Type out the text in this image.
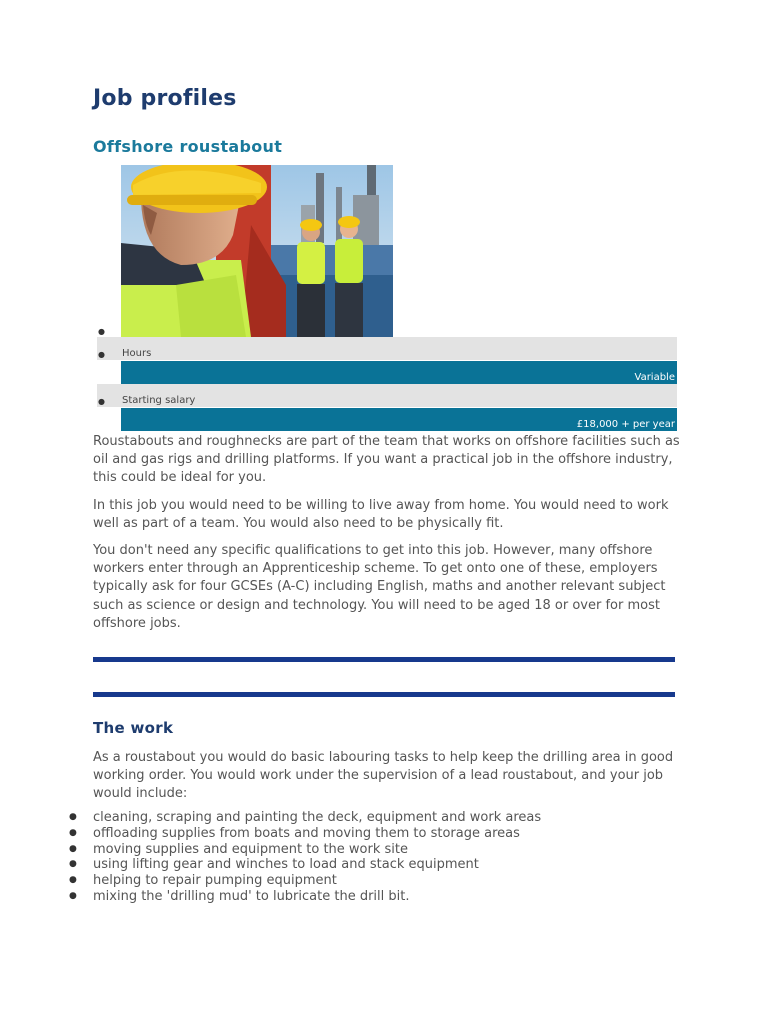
Job profiles
Offshore roustabout
●
Hours
●
Variable
Starting salary
●
£18,000 + per year

Roustabouts and roughnecks are part of the team that works on offshore facilities such as oil and gas rigs and drilling platforms. If you want a practical job in the offshore industry, this could be ideal for you.

In this job you would need to be willing to live away from home. You would need to work well as part of a team. You would also need to be physically fit.

You don't need any specific qualifications to get into this job. However, many offshore workers enter through an Apprenticeship scheme. To get onto one of these, employers typically ask for four GCSEs (A-C) including English, maths and another relevant subject such as science or design and technology. You will need to be aged 18 or over for most offshore jobs.

The work

As a roustabout you would do basic labouring tasks to help keep the drilling area in good working order. You would work under the supervision of a lead roustabout, and your job would include:

● cleaning, scraping and painting the deck, equipment and work areas
● offloading supplies from boats and moving them to storage areas
● moving supplies and equipment to the work site
● using lifting gear and winches to load and stack equipment
● helping to repair pumping equipment
● mixing the 'drilling mud' to lubricate the drill bit.
